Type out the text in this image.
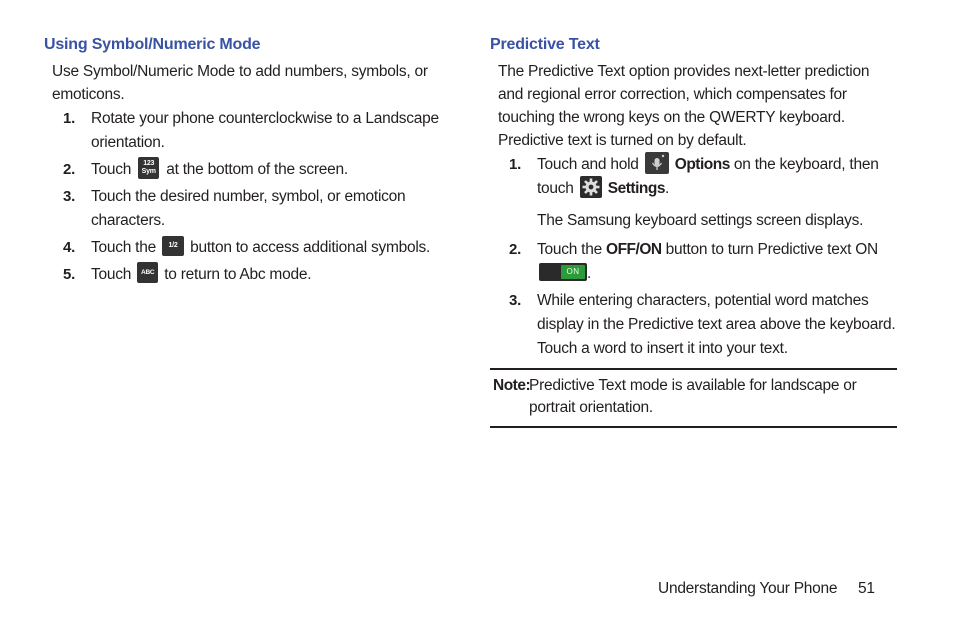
Using Symbol/Numeric Mode

Use Symbol/Numeric Mode to add numbers, symbols, or emoticons.

1. Rotate your phone counterclockwise to a Landscape orientation.
2. Touch 123
Sym at the bottom of the screen.
3. Touch the desired number, symbol, or emoticon characters.
4. Touch the 1/2 button to access additional symbols.
5. Touch ABC to return to Abc mode.
Predictive Text

The Predictive Text option provides next-letter prediction and regional error correction, which compensates for touching the wrong keys on the QWERTY keyboard. Predictive text is turned on by default.

1. Touch and hold Options on the keyboard, then touch Settings.
The Samsung keyboard settings screen displays.
2. Touch the OFF/ON button to turn Predictive text ON
ON .
3. While entering characters, potential word matches display in the Predictive text area above the keyboard. Touch a word to insert it into your text.
Note:
Predictive Text mode is available for landscape or portrait orientation.
Understanding Your Phone 51
